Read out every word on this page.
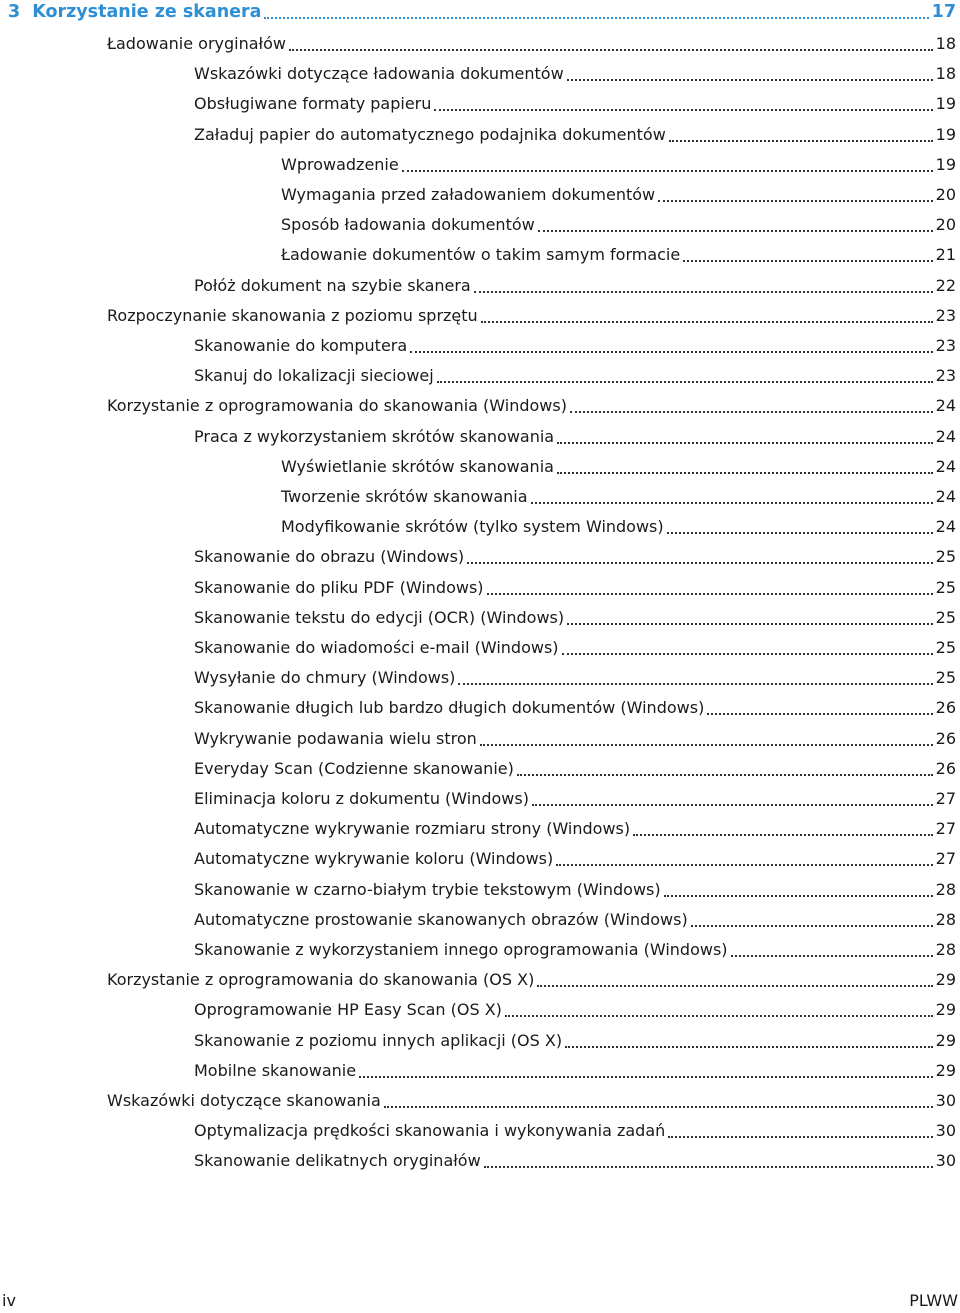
3 Korzystanie ze skanera	17
Ładowanie oryginałów	18
Wskazówki dotyczące ładowania dokumentów	18
Obsługiwane formaty papieru	19
Załaduj papier do automatycznego podajnika dokumentów	19
Wprowadzenie	19
Wymagania przed załadowaniem dokumentów	20
Sposób ładowania dokumentów	20
Ładowanie dokumentów o takim samym formacie	21
Połóż dokument na szybie skanera	22
Rozpoczynanie skanowania z poziomu sprzętu	23
Skanowanie do komputera	23
Skanuj do lokalizacji sieciowej	23
Korzystanie z oprogramowania do skanowania (Windows)	24
Praca z wykorzystaniem skrótów skanowania	24
Wyświetlanie skrótów skanowania	24
Tworzenie skrótów skanowania	24
Modyfikowanie skrótów (tylko system Windows)	24
Skanowanie do obrazu (Windows)	25
Skanowanie do pliku PDF (Windows)	25
Skanowanie tekstu do edycji (OCR) (Windows)	25
Skanowanie do wiadomości e-mail (Windows)	25
Wysyłanie do chmury (Windows)	25
Skanowanie długich lub bardzo długich dokumentów (Windows)	26
Wykrywanie podawania wielu stron	26
Everyday Scan (Codzienne skanowanie)	26
Eliminacja koloru z dokumentu (Windows)	27
Automatyczne wykrywanie rozmiaru strony (Windows)	27
Automatyczne wykrywanie koloru (Windows)	27
Skanowanie w czarno-białym trybie tekstowym (Windows)	28
Automatyczne prostowanie skanowanych obrazów (Windows)	28
Skanowanie z wykorzystaniem innego oprogramowania (Windows)	28
Korzystanie z oprogramowania do skanowania (OS X)	29
Oprogramowanie HP Easy Scan (OS X)	29
Skanowanie z poziomu innych aplikacji (OS X)	29
Mobilne skanowanie	29
Wskazówki dotyczące skanowania	30
Optymalizacja prędkości skanowania i wykonywania zadań	30
Skanowanie delikatnych oryginałów	30
iv	PLWW
